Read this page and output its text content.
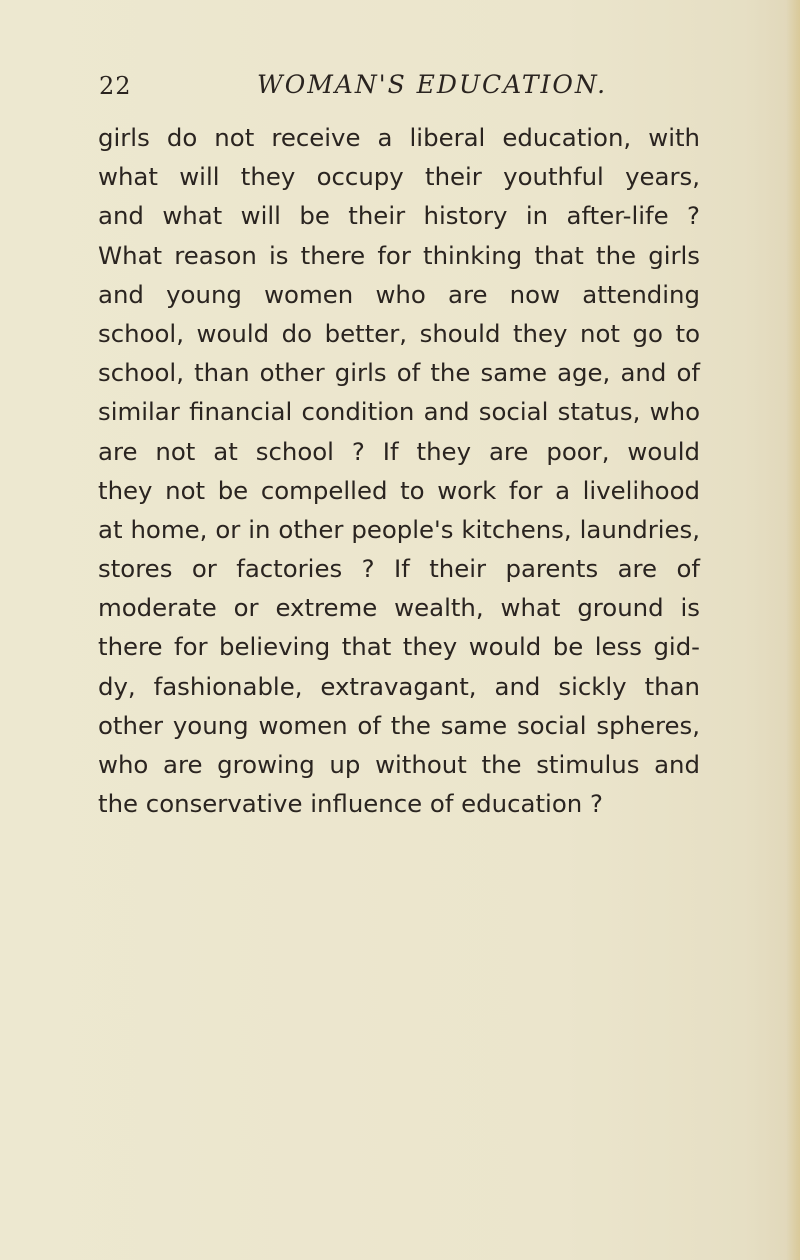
22	WOMAN'S EDUCATION.
girls do not receive a liberal education, with
what will they occupy their youthful years,
and what will be their history in after-life ?
What reason is there for thinking that the girls
and young women who are now attending
school, would do better, should they not go to
school, than other girls of the same age, and of
similar financial condition and social status, who
are not at school ? If they are poor, would
they not be compelled to work for a livelihood
at home, or in other people's kitchens, laundries,
stores or factories ? If their parents are of
moderate or extreme wealth, what ground is
there for believing that they would be less gid-
dy, fashionable, extravagant, and sickly than
other young women of the same social spheres,
who are growing up without the stimulus and
the conservative influence of education ?
